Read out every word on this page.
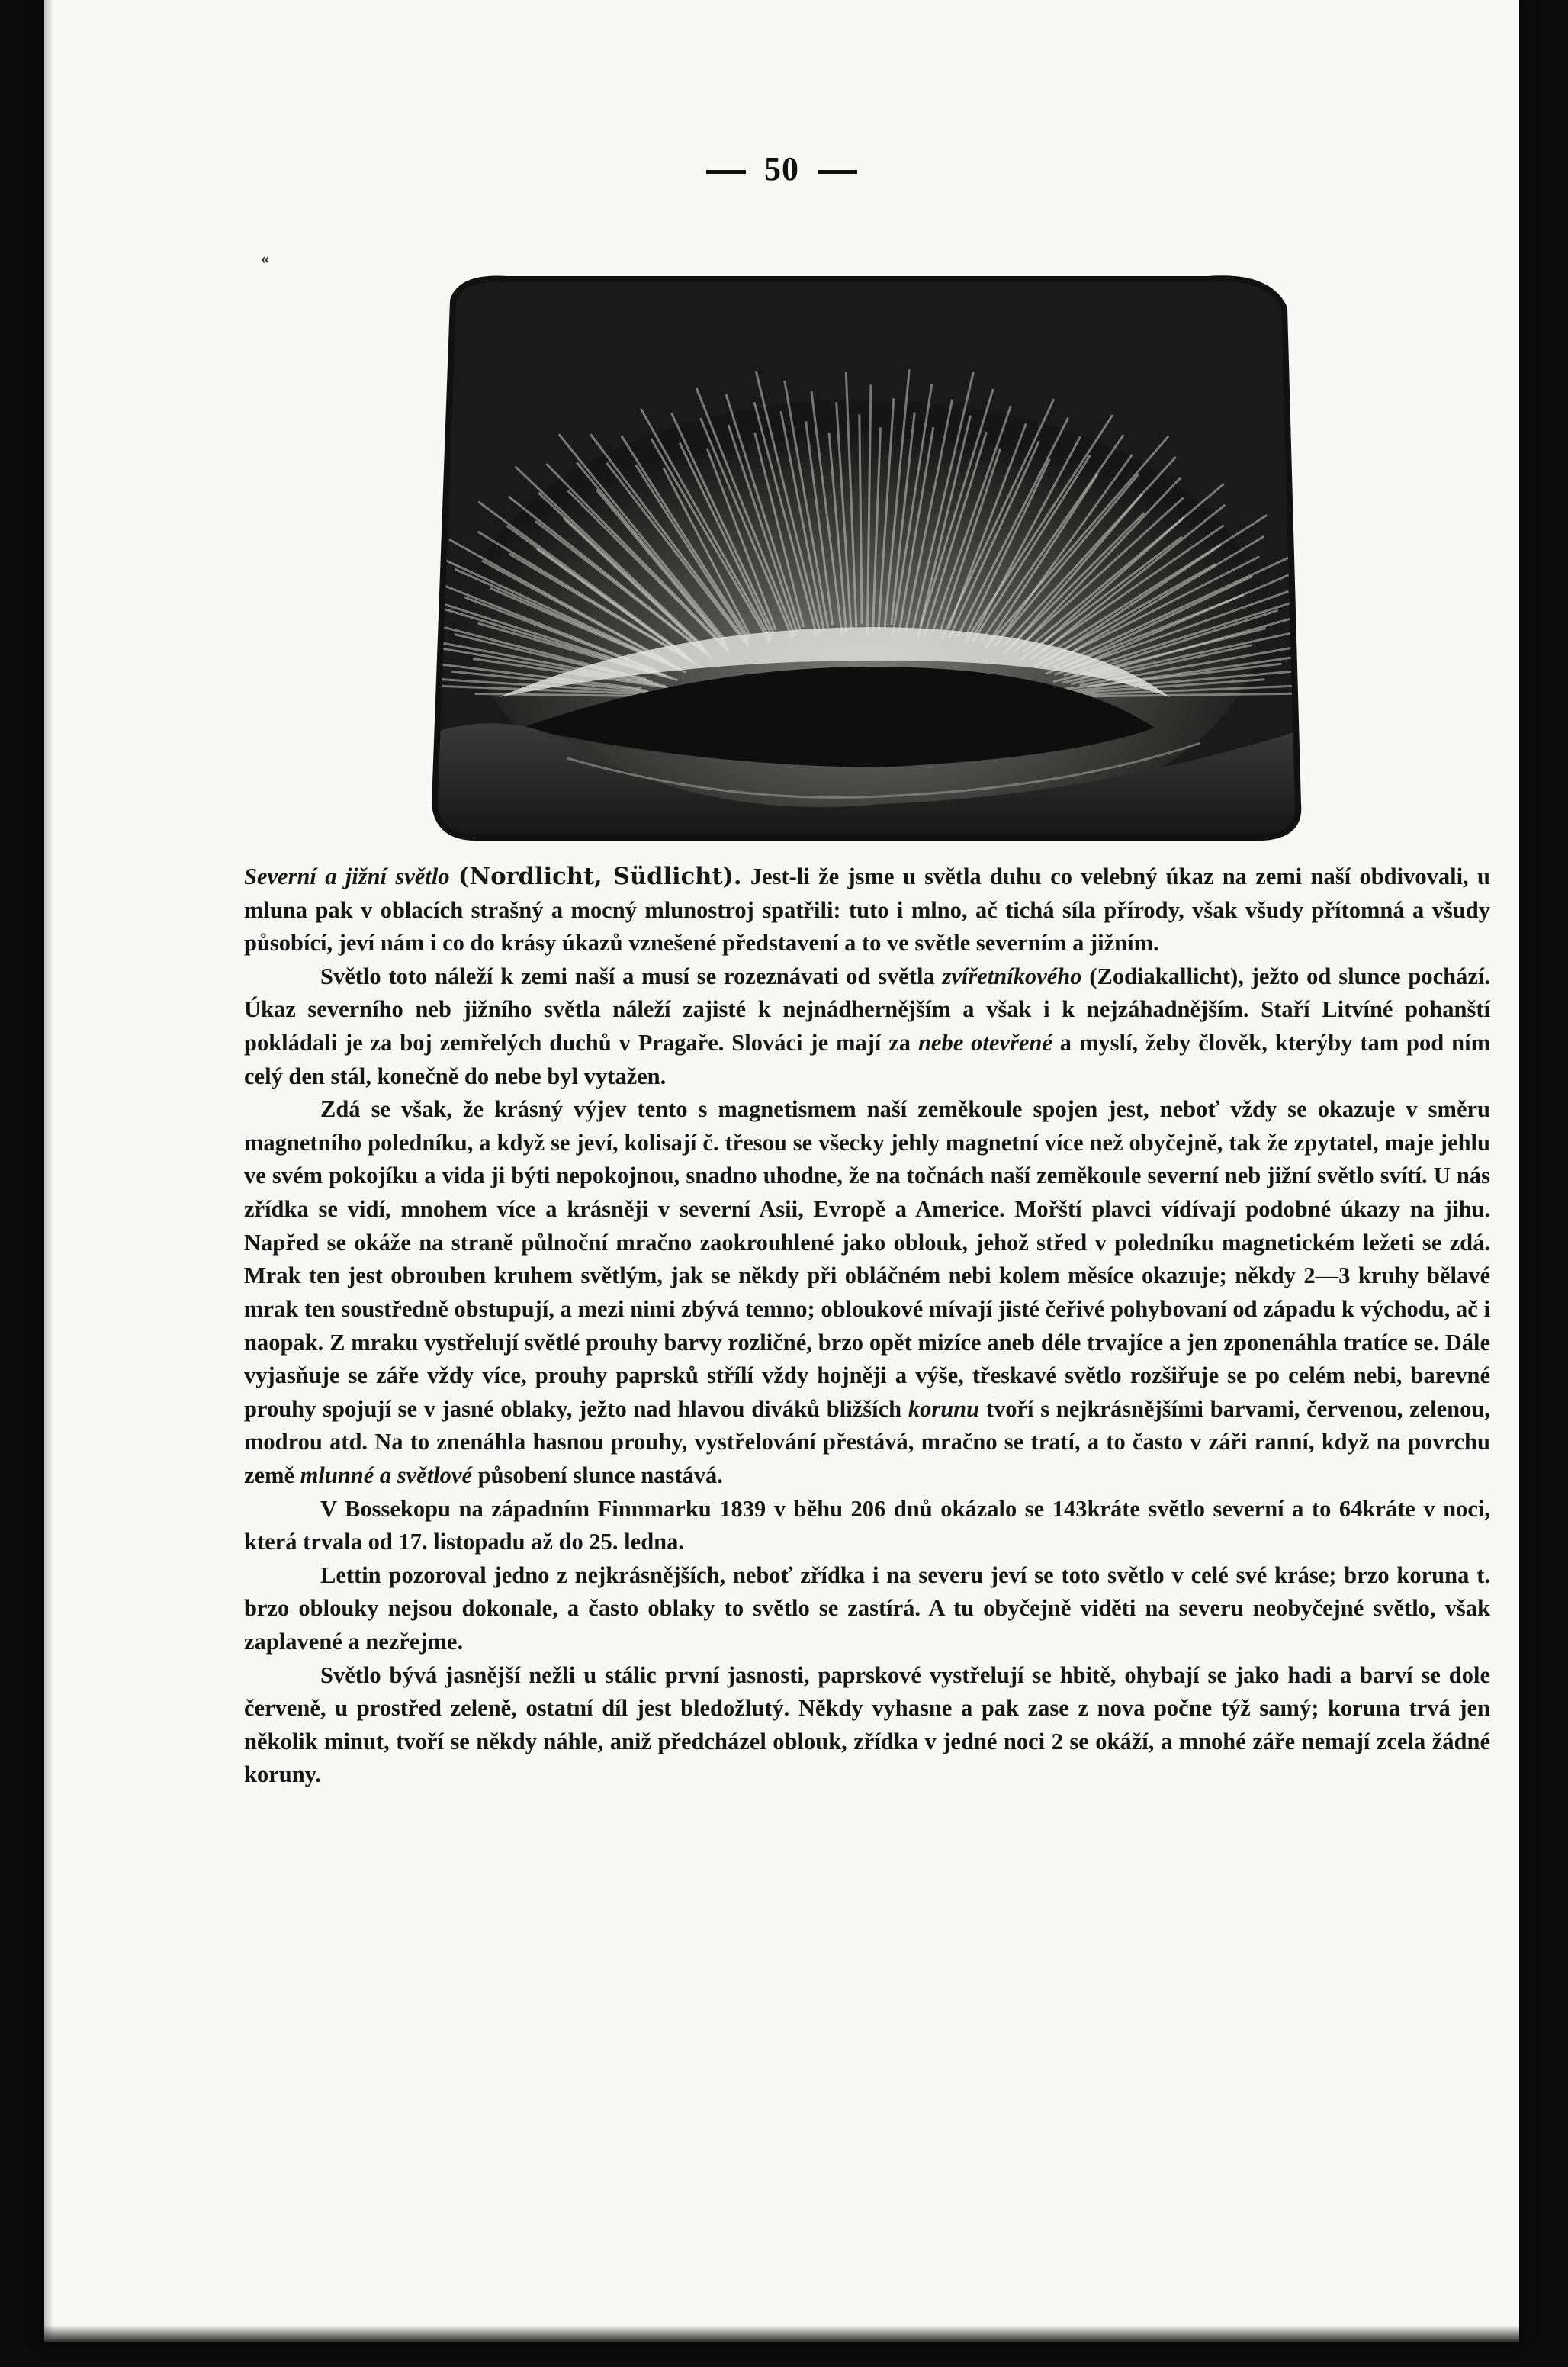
50
«

Severní a jižní světlo (Nordlicht, Südlicht). Jest-li že jsme u světla duhu co velebný úkaz na zemi naší obdivovali, u mluna pak v oblacích strašný a mocný mlunostroj spatřili: tuto i mlno, ač tichá síla přírody, však všudy přítomná a všudy působící, jeví nám i co do krásy úkazů vznešené představení a to ve světle severním a jižním.

Světlo toto náleží k zemi naší a musí se rozeznávati od světla zvířetníkového (Zodiakallicht), ježto od slunce pochází. Úkaz severního neb jižního světla náleží zajisté k nejnádhernějším a však i k nejzáhadnějším. Staří Litvíné pohanští pokládali je za boj zemřelých duchů v Pragaře. Slováci je mají za nebe otevřené a myslí, žeby člověk, kterýby tam pod ním celý den stál, konečně do nebe byl vytažen.

Zdá se však, že krásný výjev tento s magnetismem naší zeměkoule spojen jest, neboť vždy se okazuje v směru magnetního poledníku, a když se jeví, kolisají č. třesou se všecky jehly magnetní více než obyčejně, tak že zpytatel, maje jehlu ve svém pokojíku a vida ji býti nepokojnou, snadno uhodne, že na točnách naší zeměkoule severní neb jižní světlo svítí. U nás zřídka se vidí, mnohem více a krásněji v severní Asii, Evropě a Americe. Mořští plavci vídívají podobné úkazy na jihu. Napřed se okáže na straně půlnoční mračno zaokrouhlené jako oblouk, jehož střed v poledníku magnetickém ležeti se zdá. Mrak ten jest obrouben kruhem světlým, jak se někdy při obláčném nebi kolem měsíce okazuje; někdy 2—3 kruhy bělavé mrak ten soustředně obstupují, a mezi nimi zbývá temno; obloukové mívají jisté čeřivé pohybovaní od západu k východu, ač i naopak. Z mraku vystřelují světlé prouhy barvy rozličné, brzo opět mizíce aneb déle trvajíce a jen zponenáhla tratíce se. Dále vyjasňuje se záře vždy více, prouhy paprsků střílí vždy hojněji a výše, třeskavé světlo rozšiřuje se po celém nebi, barevné prouhy spojují se v jasné oblaky, ježto nad hlavou diváků bližších korunu tvoří s nejkrásnějšími barvami, červenou, zelenou, modrou atd. Na to znenáhla hasnou prouhy, vystřelování přestává, mračno se tratí, a to často v záři ranní, když na povrchu země mlunné a světlové působení slunce nastává.

V Bossekopu na západním Finnmarku 1839 v běhu 206 dnů okázalo se 143kráte světlo severní a to 64kráte v noci, která trvala od 17. listopadu až do 25. ledna.

Lettin pozoroval jedno z nejkrásnějších, neboť zřídka i na severu jeví se toto světlo v celé své kráse; brzo koruna t. brzo oblouky nejsou dokonale, a často oblaky to světlo se zastírá. A tu obyčejně viděti na severu neobyčejné světlo, však zaplavené a nezřejme.

Světlo bývá jasnější nežli u stálic první jasnosti, paprskové vystřelují se hbitě, ohybají se jako hadi a barví se dole červeně, u prostřed zeleně, ostatní díl jest bledožlutý. Někdy vyhasne a pak zase z nova počne týž samý; koruna trvá jen několik minut, tvoří se někdy náhle, aniž předcházel oblouk, zřídka v jedné noci 2 se okáží, a mnohé záře nemají zcela žádné koruny.
